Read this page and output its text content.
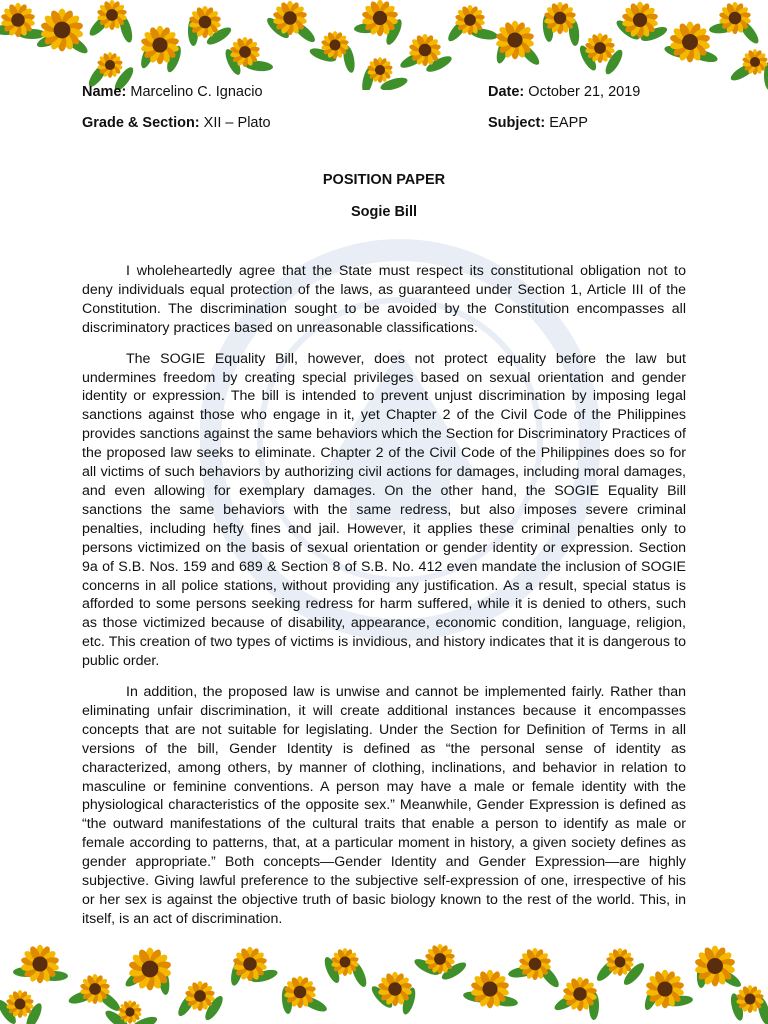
Name: Marcelino C. Ignacio	Date: October 21, 2019
Grade & Section: XII – Plato	Subject: EAPP
POSITION PAPER
Sogie Bill

I wholeheartedly agree that the State must respect its constitutional obligation not to deny individuals equal protection of the laws, as guaranteed under Section 1, Article III of the Constitution. The discrimination sought to be avoided by the Constitution encompasses all discriminatory practices based on unreasonable classifications.

The SOGIE Equality Bill, however, does not protect equality before the law but undermines freedom by creating special privileges based on sexual orientation and gender identity or expression. The bill is intended to prevent unjust discrimination by imposing legal sanctions against those who engage in it, yet Chapter 2 of the Civil Code of the Philippines provides sanctions against the same behaviors which the Section for Discriminatory Practices of the proposed law seeks to eliminate. Chapter 2 of the Civil Code of the Philippines does so for all victims of such behaviors by authorizing civil actions for damages, including moral damages, and even allowing for exemplary damages. On the other hand, the SOGIE Equality Bill sanctions the same behaviors with the same redress, but also imposes severe criminal penalties, including hefty fines and jail. However, it applies these criminal penalties only to persons victimized on the basis of sexual orientation or gender identity or expression. Section 9a of S.B. Nos. 159 and 689 & Section 8 of S.B. No. 412 even mandate the inclusion of SOGIE concerns in all police stations, without providing any justification. As a result, special status is afforded to some persons seeking redress for harm suffered, while it is denied to others, such as those victimized because of disability, appearance, economic condition, language, religion, etc. This creation of two types of victims is invidious, and history indicates that it is dangerous to public order.

In addition, the proposed law is unwise and cannot be implemented fairly. Rather than eliminating unfair discrimination, it will create additional instances because it encompasses concepts that are not suitable for legislating. Under the Section for Definition of Terms in all versions of the bill, Gender Identity is defined as “the personal sense of identity as characterized, among others, by manner of clothing, inclinations, and behavior in relation to masculine or feminine conventions. A person may have a male or female identity with the physiological characteristics of the opposite sex.” Meanwhile, Gender Expression is defined as “the outward manifestations of the cultural traits that enable a person to identify as male or female according to patterns, that, at a particular moment in history, a given society defines as gender appropriate.” Both concepts—Gender Identity and Gender Expression—are highly subjective. Giving lawful preference to the subjective self-expression of one, irrespective of his or her sex is against the objective truth of basic biology known to the rest of the world. This, in itself, is an act of discrimination.
